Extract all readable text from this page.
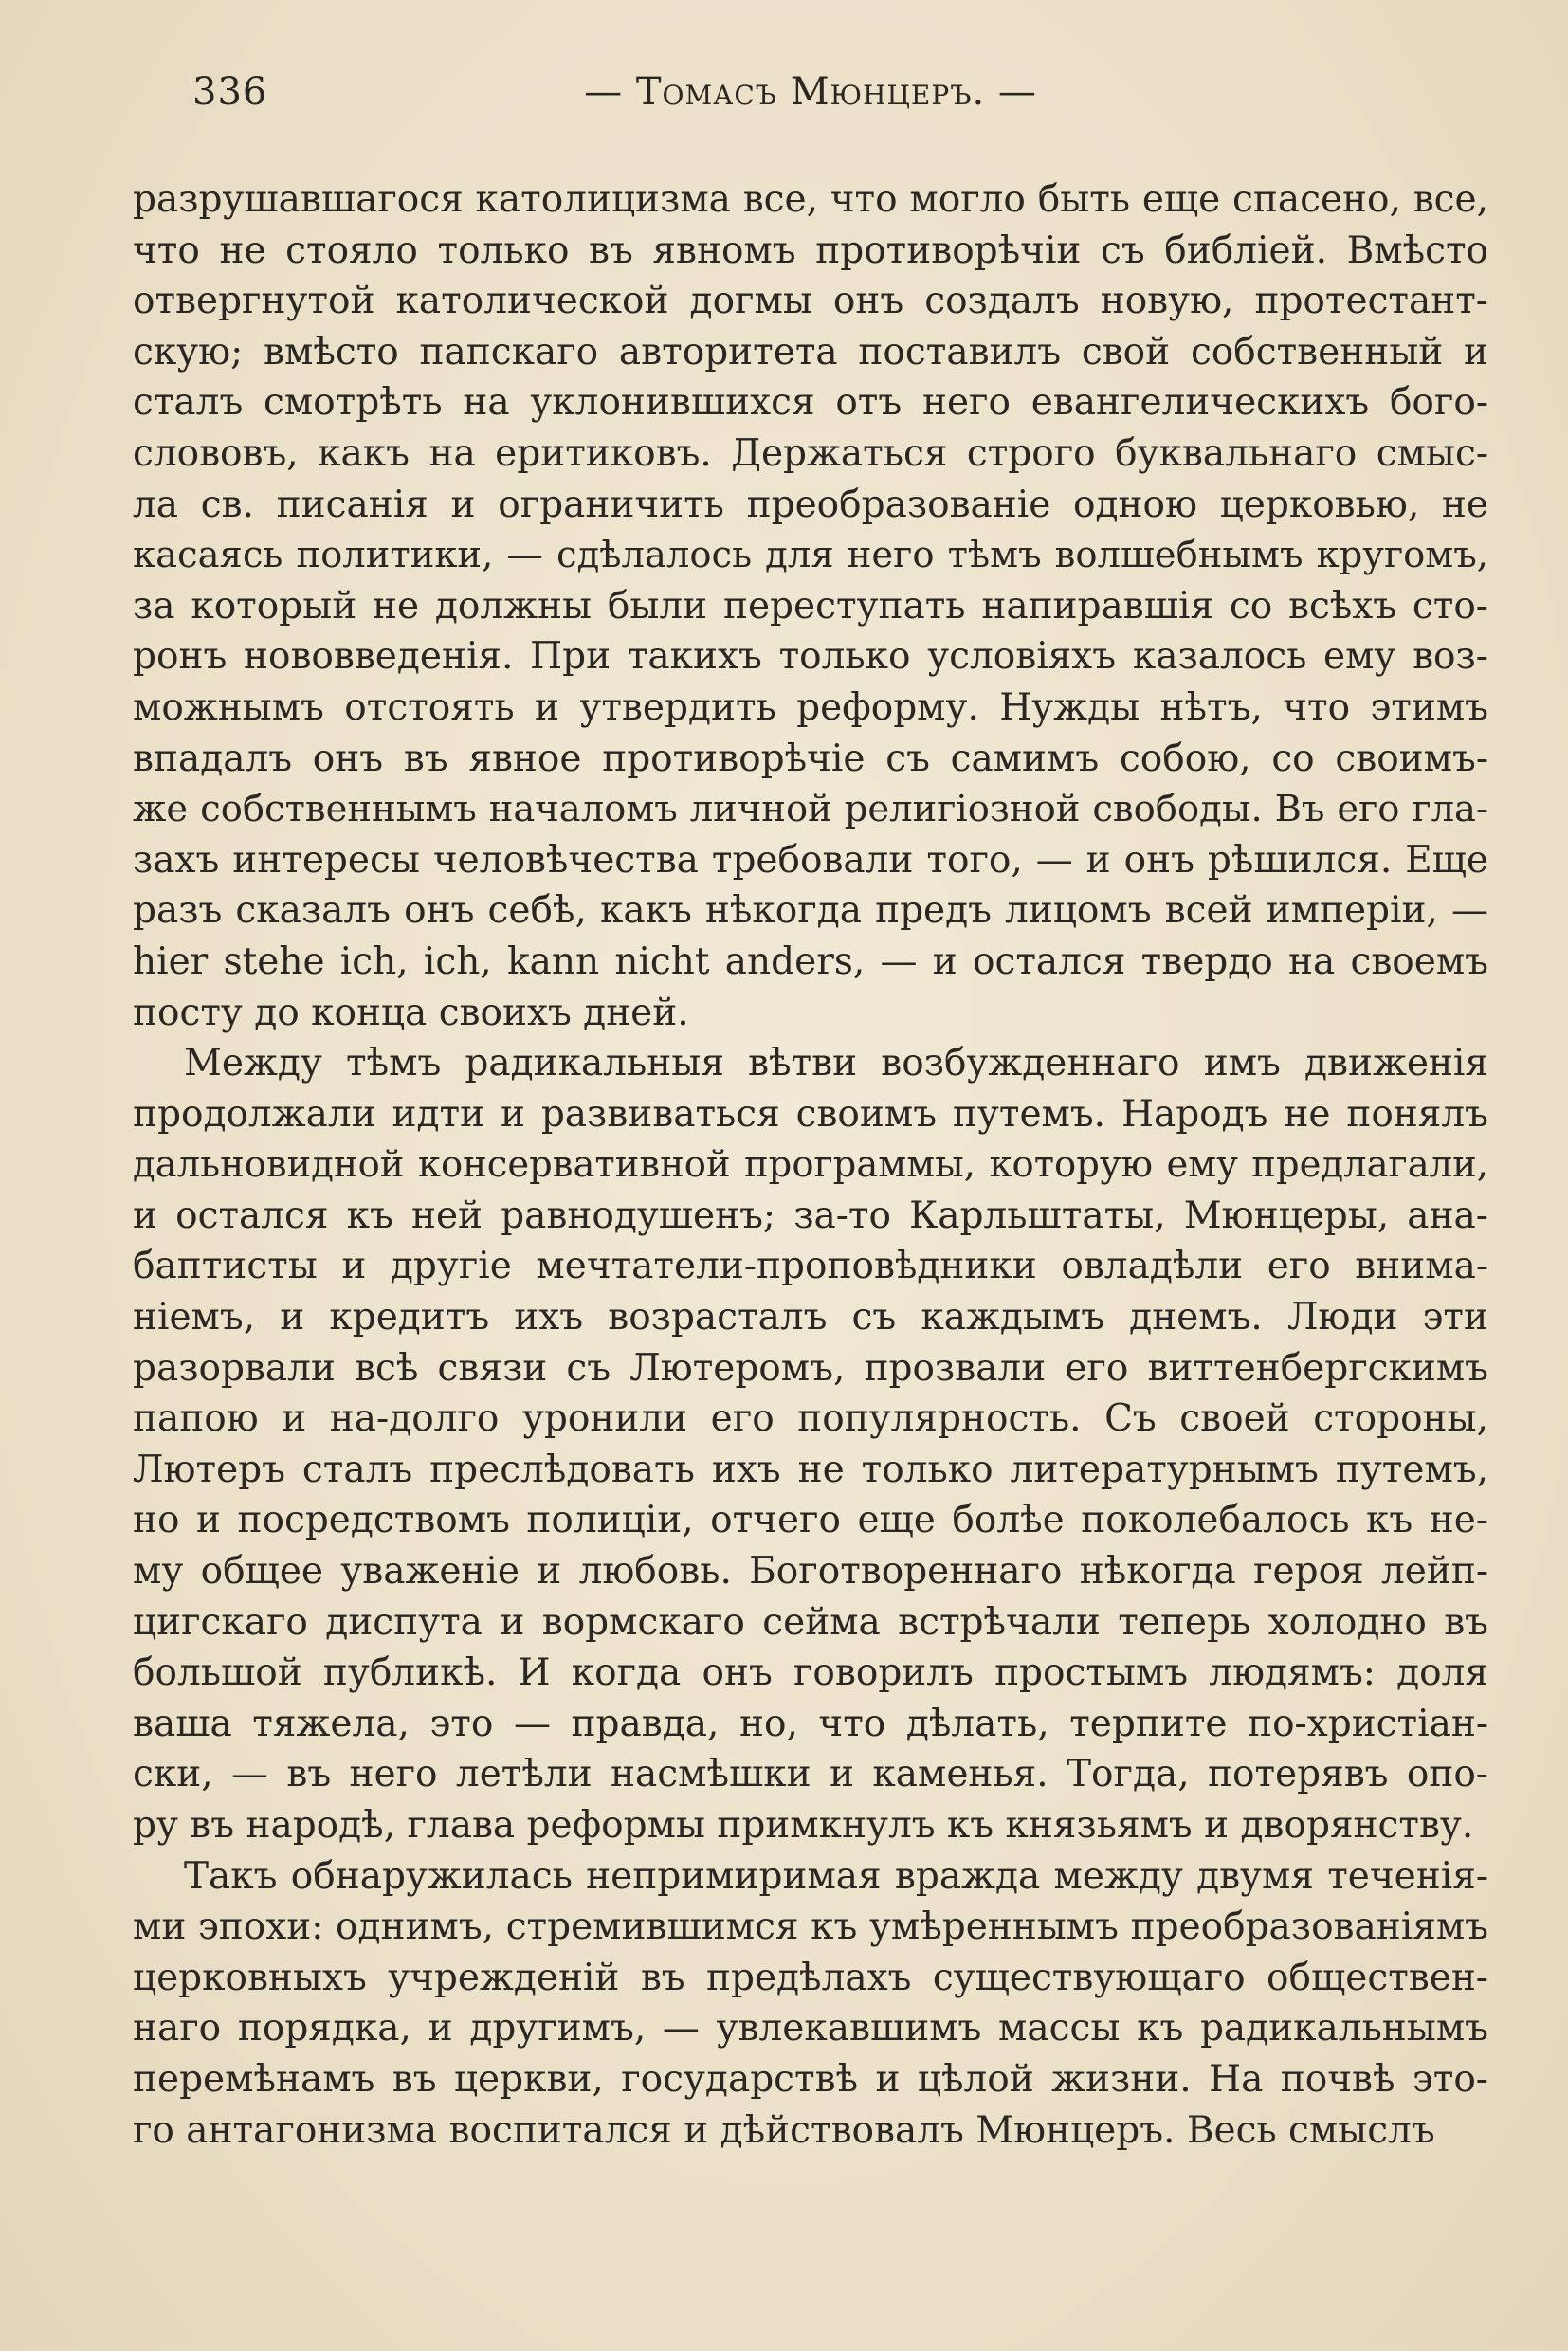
336	— Томасъ Мюнцеръ. —
разрушавшагося католицизма все, что могло быть еще спасено, все,
что не стояло только въ явномъ противорѣчіи съ библіей. Вмѣсто
отвергнутой католической догмы онъ создалъ новую, протестант-
скую; вмѣсто папскаго авторитета поставилъ свой собственный и
сталъ смотрѣть на уклонившихся отъ него евангелическихъ бого-
слововъ, какъ на еритиковъ. Держаться строго буквальнаго смыс-
ла св. писанія и ограничить преобразованіе одною церковью, не
касаясь политики, — сдѣлалось для него тѣмъ волшебнымъ кругомъ,
за который не должны были переступать напиравшія со всѣхъ сто-
ронъ нововведенія. При такихъ только условіяхъ казалось ему воз-
можнымъ отстоять и утвердить реформу. Нужды нѣтъ, что этимъ
впадалъ онъ въ явное противорѣчіе съ самимъ собою, со своимъ-
же собственнымъ началомъ личной религіозной свободы. Въ его гла-
захъ интересы человѣчества требовали того, — и онъ рѣшился. Еще
разъ сказалъ онъ себѣ, какъ нѣкогда предъ лицомъ всей имперіи, —
hier stehe ich, ich, kann nicht anders, — и остался твердо на своемъ
посту до конца своихъ дней.
Между тѣмъ радикальныя вѣтви возбужденнаго имъ движенія
продолжали идти и развиваться своимъ путемъ. Народъ не понялъ
дальновидной консервативной программы, которую ему предлагали,
и остался къ ней равнодушенъ; за-то Карльштаты, Мюнцеры, ана-
баптисты и другіе мечтатели-проповѣдники овладѣли его внима-
ніемъ, и кредитъ ихъ возрасталъ съ каждымъ днемъ. Люди эти
разорвали всѣ связи съ Лютеромъ, прозвали его виттенбергскимъ
папою и на-долго уронили его популярность. Съ своей стороны,
Лютеръ сталъ преслѣдовать ихъ не только литературнымъ путемъ,
но и посредствомъ полиціи, отчего еще болѣе поколебалось къ не-
му общее уваженіе и любовь. Боготвореннаго нѣкогда героя лейп-
цигскаго диспута и вормскаго сейма встрѣчали теперь холодно въ
большой публикѣ. И когда онъ говорилъ простымъ людямъ: доля
ваша тяжела, это — правда, но, что дѣлать, терпите по-христіан-
ски, — въ него летѣли насмѣшки и каменья. Тогда, потерявъ опо-
ру въ народѣ, глава реформы примкнулъ къ князьямъ и дворянству.
Такъ обнаружилась непримиримая вражда между двумя теченія-
ми эпохи: однимъ, стремившимся къ умѣреннымъ преобразованіямъ
церковныхъ учрежденій въ предѣлахъ существующаго обществен-
наго порядка, и другимъ, — увлекавшимъ массы къ радикальнымъ
перемѣнамъ въ церкви, государствѣ и цѣлой жизни. На почвѣ это-
го антагонизма воспитался и дѣйствовалъ Мюнцеръ. Весь смыслъ
